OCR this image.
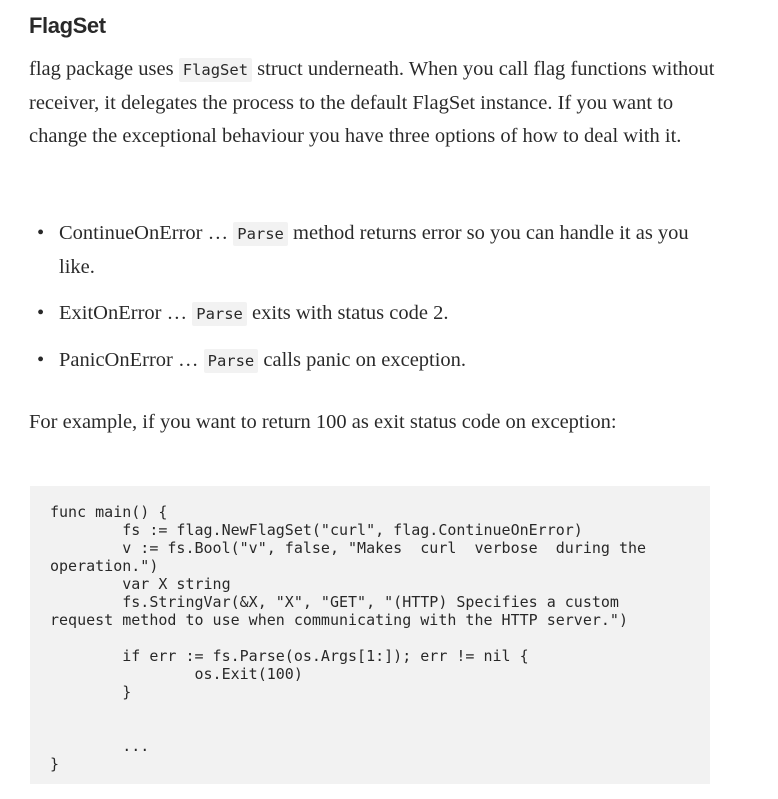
FlagSet

flag package uses FlagSet struct underneath. When you call flag functions without receiver, it delegates the process to the default FlagSet instance. If you want to change the exceptional behaviour you have three options of how to deal with it.

• ContinueOnError … Parse method returns error so you can handle it as you like.
• ExitOnError … Parse exits with status code 2.
• PanicOnError … Parse calls panic on exception.

For example, if you want to return 100 as exit status code on exception:

func main() {
fs := flag.NewFlagSet("curl", flag.ContinueOnError)
v := fs.Bool("v", false, "Makes  curl  verbose  during the
operation.")
var X string
fs.StringVar(&X, "X", "GET", "(HTTP) Specifies a custom
request method to use when communicating with the HTTP server.")

if err := fs.Parse(os.Args[1:]); err != nil {
os.Exit(100)
}

...
}
